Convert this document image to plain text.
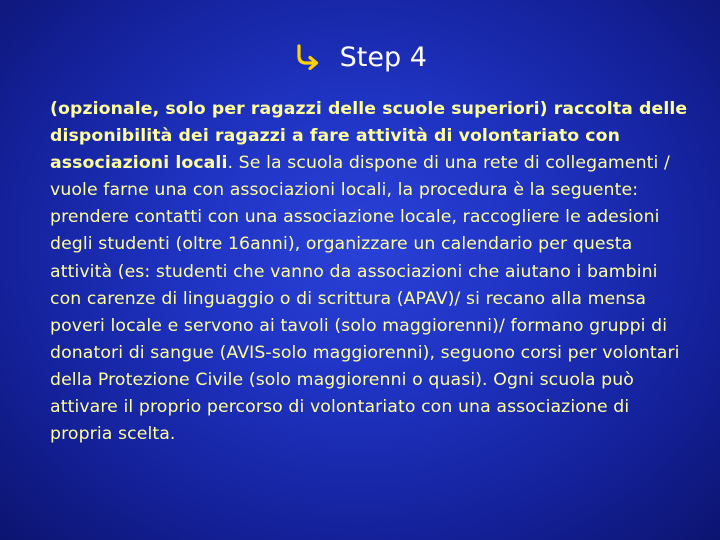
Step 4
(opzionale, solo per ragazzi delle scuole superiori) raccolta delle disponibilità dei ragazzi a fare attività di volontariato con associazioni locali. Se la scuola dispone di una rete di collegamenti / vuole farne una con associazioni locali, la procedura è la seguente: prendere contatti con una associazione locale, raccogliere le adesioni degli studenti (oltre 16anni), organizzare un calendario per questa attività (es: studenti che vanno da associazioni che aiutano i bambini con carenze di linguaggio o di scrittura (APAV)/ si recano alla mensa poveri locale e servono ai tavoli (solo maggiorenni)/ formano gruppi di donatori di sangue (AVIS-solo maggiorenni), seguono corsi per volontari della Protezione Civile (solo maggiorenni o quasi). Ogni scuola può attivare il proprio percorso di volontariato con una associazione di propria scelta.
